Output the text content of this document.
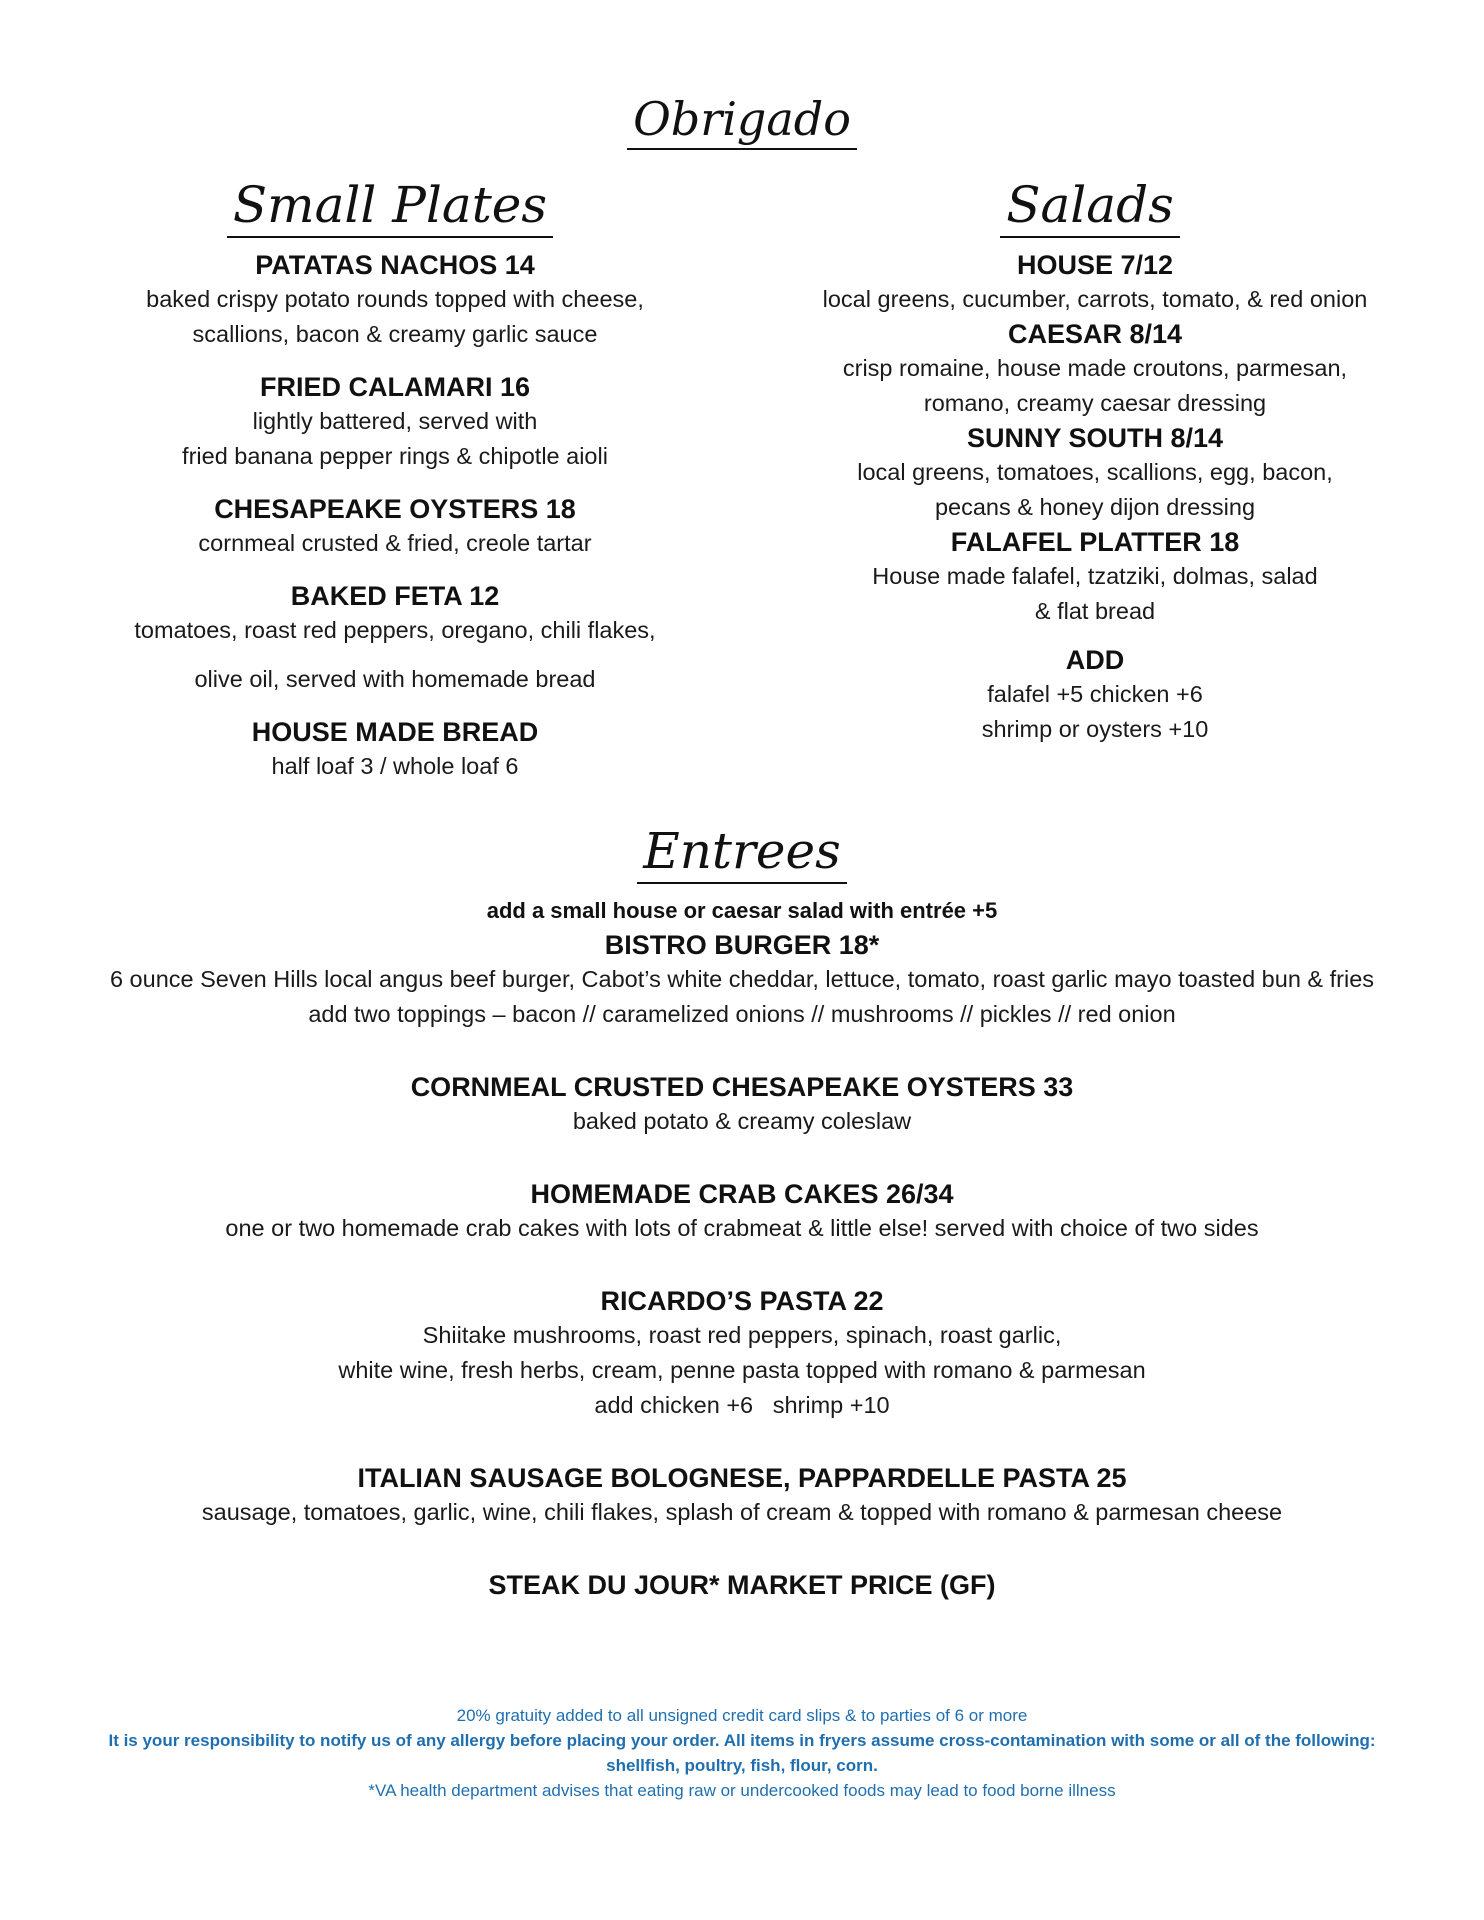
Obrigado
Small Plates	Salads
PATATAS NACHOS 14
baked crispy potato rounds topped with cheese,
scallions, bacon & creamy garlic sauce
FRIED CALAMARI 16
lightly battered, served with
fried banana pepper rings & chipotle aioli
CHESAPEAKE OYSTERS 18
cornmeal crusted & fried, creole tartar
BAKED FETA 12
tomatoes, roast red peppers, oregano, chili flakes,
olive oil, served with homemade bread
HOUSE MADE BREAD
half loaf 3 / whole loaf 6
HOUSE 7/12
local greens, cucumber, carrots, tomato, & red onion
CAESAR 8/14
crisp romaine, house made croutons, parmesan,
romano, creamy caesar dressing
SUNNY SOUTH 8/14
local greens, tomatoes, scallions, egg, bacon,
pecans & honey dijon dressing
FALAFEL PLATTER 18
House made falafel, tzatziki, dolmas, salad
& flat bread
ADD
falafel +5 chicken +6
shrimp or oysters +10
Entrees
add a small house or caesar salad with entrée +5
BISTRO BURGER 18*
6 ounce Seven Hills local angus beef burger, Cabot’s white cheddar, lettuce, tomato, roast garlic mayo toasted bun & fries
add two toppings – bacon // caramelized onions // mushrooms // pickles // red onion
CORNMEAL CRUSTED CHESAPEAKE OYSTERS 33
baked potato & creamy coleslaw
HOMEMADE CRAB CAKES 26/34
one or two homemade crab cakes with lots of crabmeat & little else! served with choice of two sides
RICARDO’S PASTA 22
Shiitake mushrooms, roast red peppers, spinach, roast garlic,
white wine, fresh herbs, cream, penne pasta topped with romano & parmesan
add chicken +6   shrimp +10
ITALIAN SAUSAGE BOLOGNESE, PAPPARDELLE PASTA 25
sausage, tomatoes, garlic, wine, chili flakes, splash of cream & topped with romano & parmesan cheese
STEAK DU JOUR* MARKET PRICE (GF)
20% gratuity added to all unsigned credit card slips & to parties of 6 or more
It is your responsibility to notify us of any allergy before placing your order. All items in fryers assume cross-contamination with some or all of the following:
shellfish, poultry, fish, flour, corn.
*VA health department advises that eating raw or undercooked foods may lead to food borne illness
